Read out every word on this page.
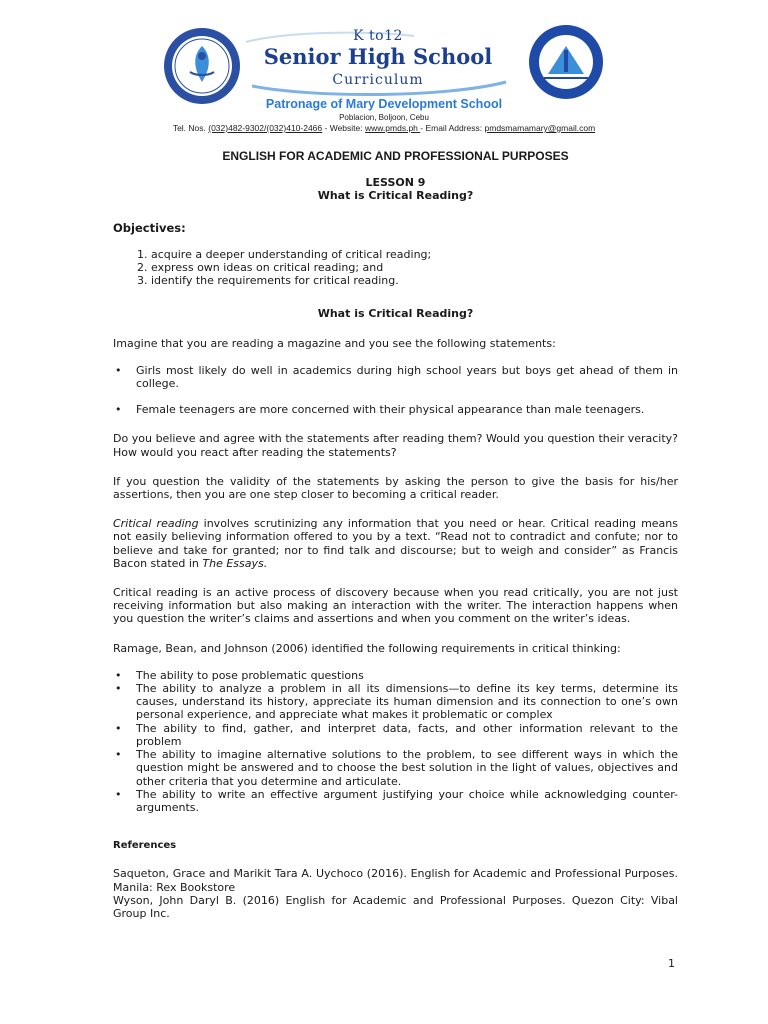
K to12
Senior High School
Curriculum
Patronage of Mary Development School
Poblacion, Boljoon, Cebu
Tel. Nos. (032)482-9302/(032)410-2466 - Website: www.pmds.ph - Email Address: pmdsmamamary@gmail.com
ENGLISH FOR ACADEMIC AND PROFESSIONAL PURPOSES
LESSON 9
What is Critical Reading?
Objectives:
1. acquire a deeper understanding of critical reading;
2. express own ideas on critical reading; and
3. identify the requirements for critical reading.
What is Critical Reading?

Imagine that you are reading a magazine and you see the following statements:

• Girls most likely do well in academics during high school years but boys get ahead of them in college.
• Female teenagers are more concerned with their physical appearance than male teenagers.

Do you believe and agree with the statements after reading them? Would you question their veracity? How would you react after reading the statements?

If you question the validity of the statements by asking the person to give the basis for his/her assertions, then you are one step closer to becoming a critical reader.

Critical reading involves scrutinizing any information that you need or hear. Critical reading means not easily believing information offered to you by a text. “Read not to contradict and confute; nor to believe and take for granted; nor to find talk and discourse; but to weigh and consider” as Francis Bacon stated in The Essays.

Critical reading is an active process of discovery because when you read critically, you are not just receiving information but also making an interaction with the writer. The interaction happens when you question the writer’s claims and assertions and when you comment on the writer’s ideas.

Ramage, Bean, and Johnson (2006) identified the following requirements in critical thinking:

• The ability to pose problematic questions
• The ability to analyze a problem in all its dimensions—to define its key terms, determine its causes, understand its history, appreciate its human dimension and its connection to one’s own personal experience, and appreciate what makes it problematic or complex
• The ability to find, gather, and interpret data, facts, and other information relevant to the problem
• The ability to imagine alternative solutions to the problem, to see different ways in which the question might be answered and to choose the best solution in the light of values, objectives and other criteria that you determine and articulate.
• The ability to write an effective argument justifying your choice while acknowledging counter-arguments.
References
Saqueton, Grace and Marikit Tara A. Uychoco (2016). English for Academic and Professional Purposes. Manila: Rex Bookstore
Wyson, John Daryl B. (2016) English for Academic and Professional Purposes. Quezon City: Vibal Group Inc.
1
